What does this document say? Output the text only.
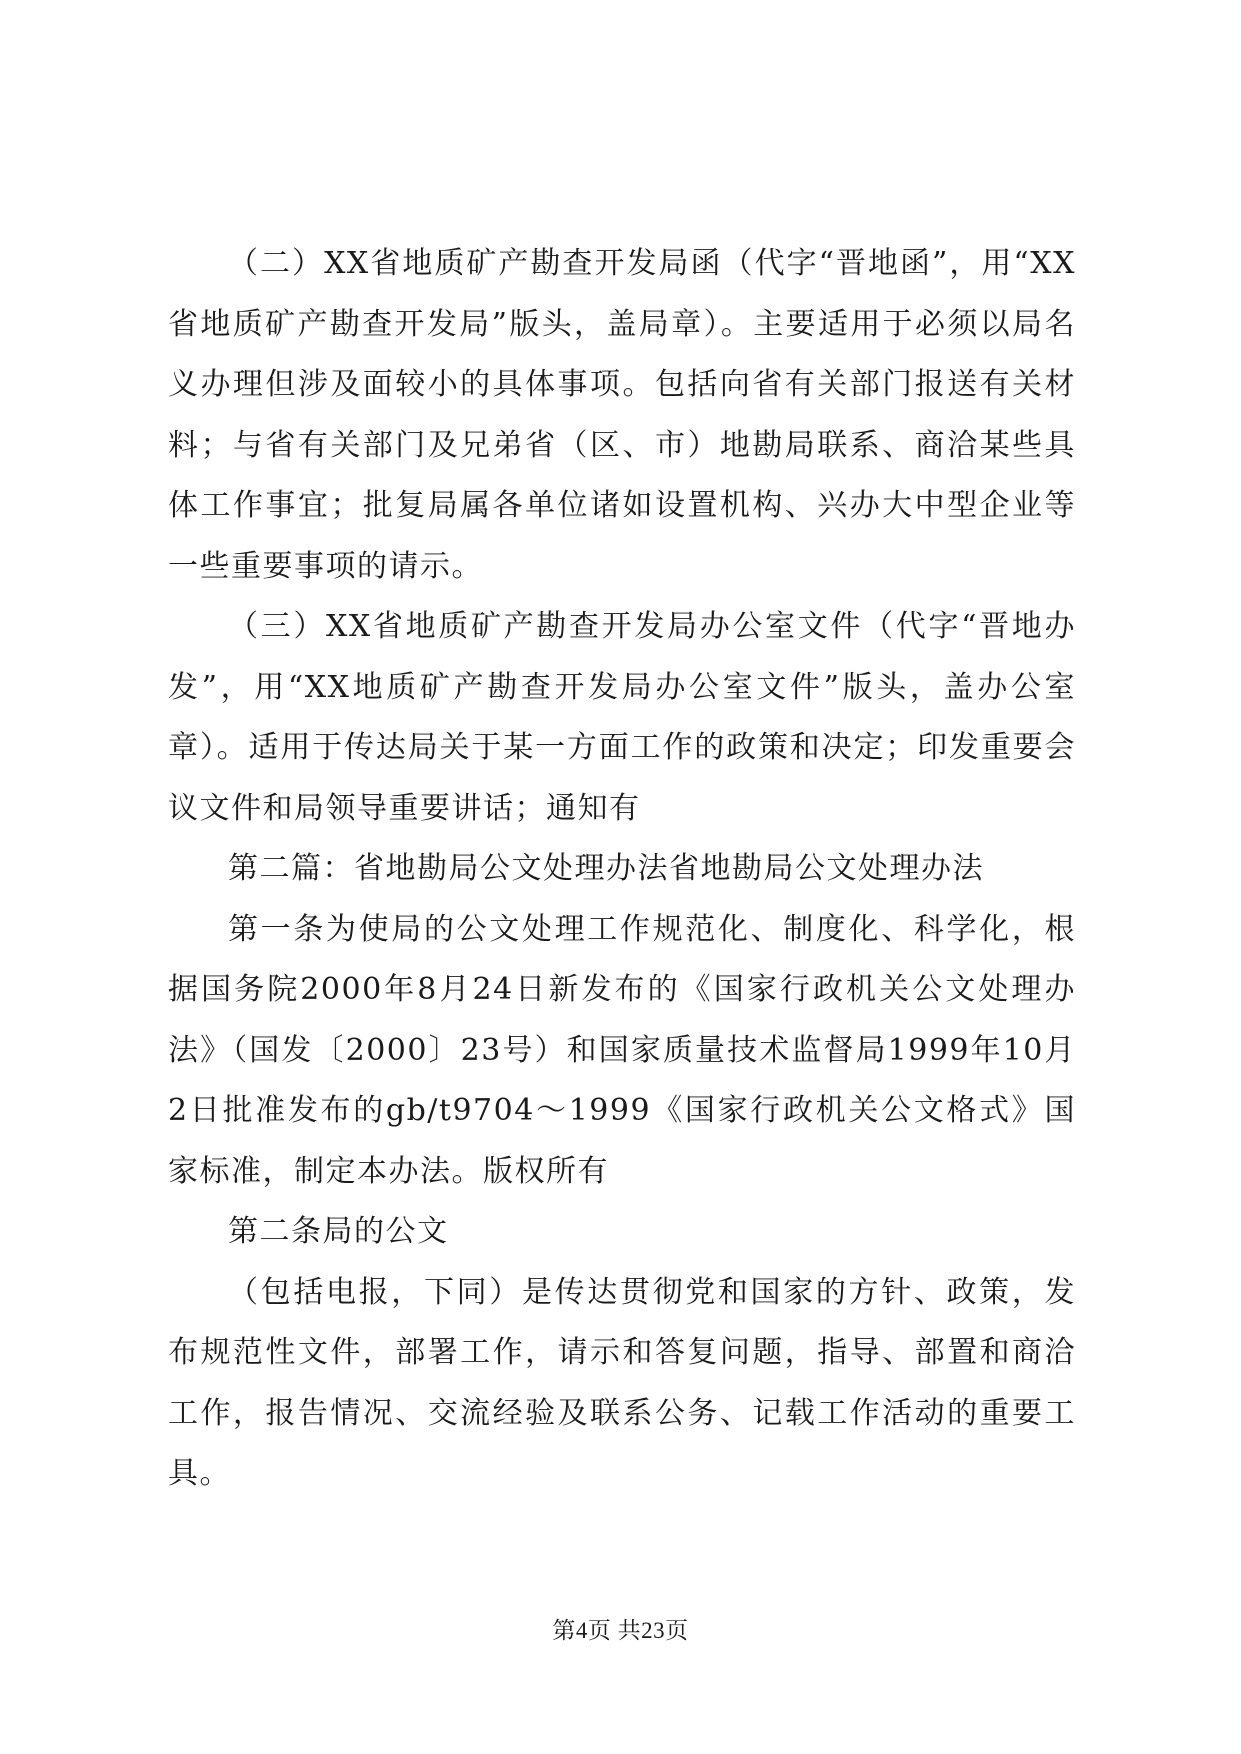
（二）XX省地质矿产勘查开发局函（代字“晋地函”，用“XX省地质矿产勘查开发局”版头，盖局章）。主要适用于必须以局名义办理但涉及面较小的具体事项。包括向省有关部门报送有关材料；与省有关部门及兄弟省（区、市）地勘局联系、商洽某些具体工作事宜；批复局属各单位诸如设置机构、兴办大中型企业等一些重要事项的请示。

（三）XX省地质矿产勘查开发局办公室文件（代字“晋地办发”，用“XX地质矿产勘查开发局办公室文件”版头，盖办公室章）。适用于传达局关于某一方面工作的政策和决定；印发重要会议文件和局领导重要讲话；通知有

第二篇：省地勘局公文处理办法省地勘局公文处理办法

第一条为使局的公文处理工作规范化、制度化、科学化，根据国务院2000年8月24日新发布的《国家行政机关公文处理办法》（国发〔2000〕23号）和国家质量技术监督局1999年10月2日批准发布的gb/t9704～1999《国家行政机关公文格式》国家标准，制定本办法。版权所有

第二条局的公文

（包括电报，下同）是传达贯彻党和国家的方针、政策，发布规范性文件，部署工作，请示和答复问题，指导、部置和商洽工作，报告情况、交流经验及联系公务、记载工作活动的重要工具。

第4页 共23页
